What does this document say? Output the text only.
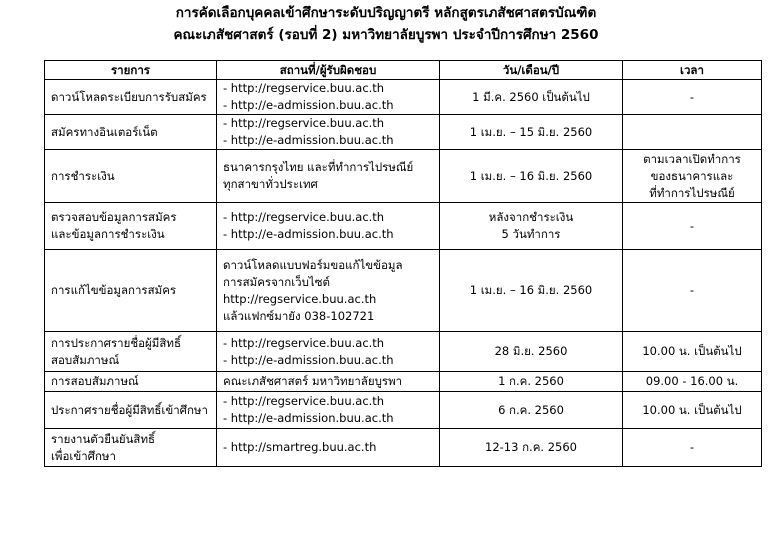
การคัดเลือกบุคคลเข้าศึกษาระดับปริญญาตรี หลักสูตรเภสัชศาสตรบัณฑิต
คณะเภสัชศาสตร์ (รอบที่ 2) มหาวิทยาลัยบูรพา ประจำปีการศึกษา 2560
รายการ	สถานที่/ผู้รับผิดชอบ	วัน/เดือน/ปี	เวลา

ดาวน์โหลดระเบียบการรับสมัคร	- http://regservice.buu.ac.th
- http://e-admission.buu.ac.th	1 มี.ค. 2560 เป็นต้นไป	-

สมัครทางอินเตอร์เน็ต	- http://regservice.buu.ac.th
- http://e-admission.buu.ac.th	1 เม.ย. – 15 มิ.ย. 2560	

การชำระเงิน	ธนาคารกรุงไทย และที่ทำการไปรษณีย์
ทุกสาขาทั่วประเทศ	1 เม.ย. – 16 มิ.ย. 2560	ตามเวลาเปิดทำการ
ของธนาคารและ
ที่ทำการไปรษณีย์

ตรวจสอบข้อมูลการสมัคร
และข้อมูลการชำระเงิน	- http://regservice.buu.ac.th
- http://e-admission.buu.ac.th	หลังจากชำระเงิน
5 วันทำการ	-

การแก้ไขข้อมูลการสมัคร	ดาวน์โหลดแบบฟอร์มขอแก้ไขข้อมูล
การสมัครจากเว็บไซต์
http://regservice.buu.ac.th
แล้วแฟกซ์มายัง 038-102721	1 เม.ย. – 16 มิ.ย. 2560	-

การประกาศรายชื่อผู้มีสิทธิ์
สอบสัมภาษณ์	- http://regservice.buu.ac.th
- http://e-admission.buu.ac.th	28 มิ.ย. 2560	10.00 น. เป็นต้นไป

การสอบสัมภาษณ์	คณะเภสัชศาสตร์ มหาวิทยาลัยบูรพา	1 ก.ค. 2560	09.00 - 16.00 น.

ประกาศรายชื่อผู้มีสิทธิ์เข้าศึกษา	- http://regservice.buu.ac.th
- http://e-admission.buu.ac.th	6 ก.ค. 2560	10.00 น. เป็นต้นไป

รายงานตัวยืนยันสิทธิ์
เพื่อเข้าศึกษา	- http://smartreg.buu.ac.th	12-13 ก.ค. 2560	-
